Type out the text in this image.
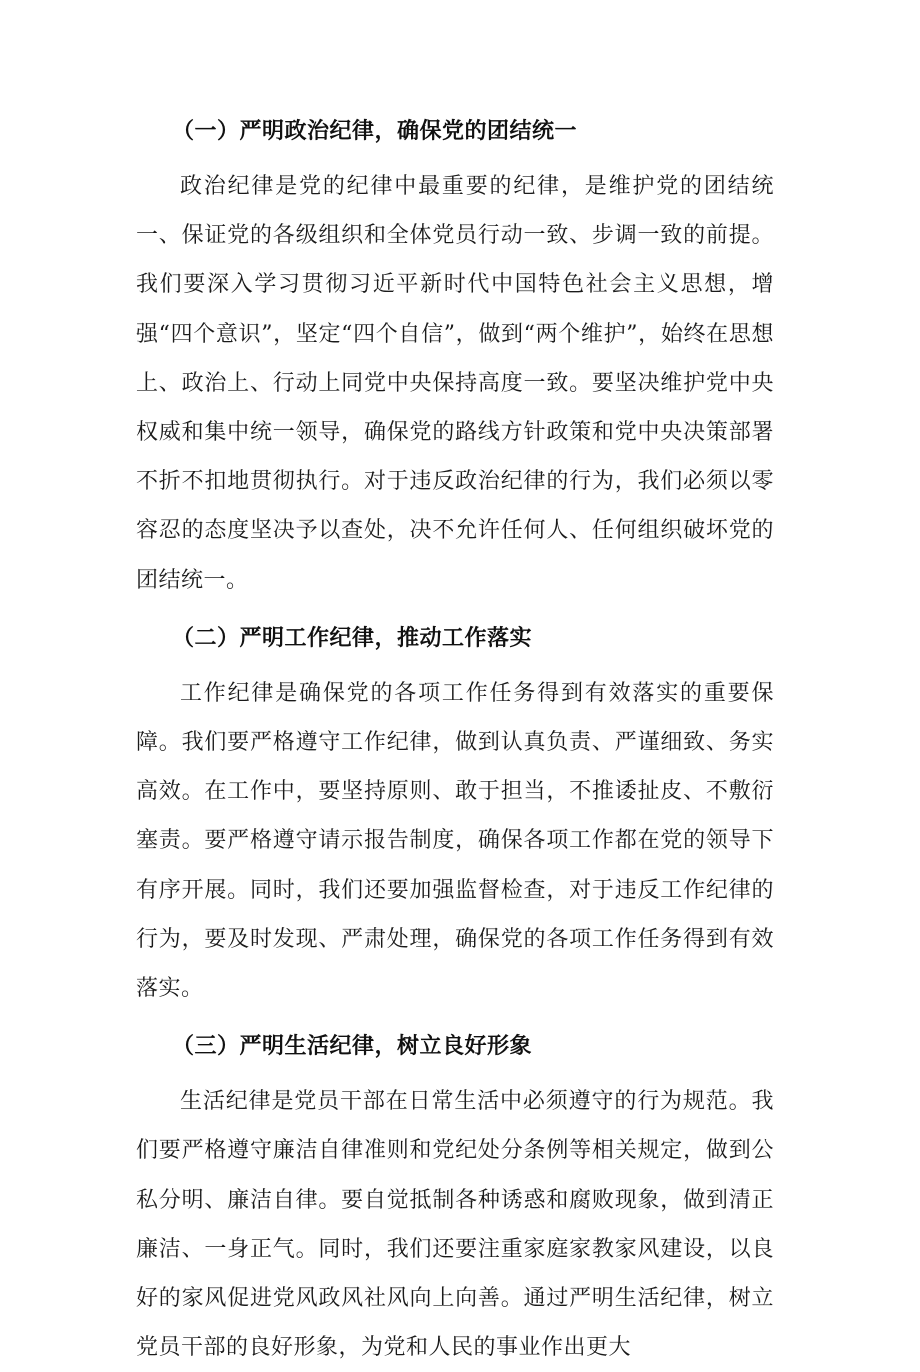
（一）严明政治纪律，确保党的团结统一

政治纪律是党的纪律中最重要的纪律，是维护党的团结统一、保证党的各级组织和全体党员行动一致、步调一致的前提。我们要深入学习贯彻习近平新时代中国特色社会主义思想，增强“四个意识”，坚定“四个自信”，做到“两个维护”，始终在思想上、政治上、行动上同党中央保持高度一致。要坚决维护党中央权威和集中统一领导，确保党的路线方针政策和党中央决策部署不折不扣地贯彻执行。对于违反政治纪律的行为，我们必须以零容忍的态度坚决予以查处，决不允许任何人、任何组织破坏党的团结统一。

（二）严明工作纪律，推动工作落实

工作纪律是确保党的各项工作任务得到有效落实的重要保障。我们要严格遵守工作纪律，做到认真负责、严谨细致、务实高效。在工作中，要坚持原则、敢于担当，不推诿扯皮、不敷衍塞责。要严格遵守请示报告制度，确保各项工作都在党的领导下有序开展。同时，我们还要加强监督检查，对于违反工作纪律的行为，要及时发现、严肃处理，确保党的各项工作任务得到有效落实。

（三）严明生活纪律，树立良好形象

生活纪律是党员干部在日常生活中必须遵守的行为规范。我们要严格遵守廉洁自律准则和党纪处分条例等相关规定，做到公私分明、廉洁自律。要自觉抵制各种诱惑和腐败现象，做到清正廉洁、一身正气。同时，我们还要注重家庭家教家风建设，以良好的家风促进党风政风社风向上向善。通过严明生活纪律，树立党员干部的良好形象，为党和人民的事业作出更大
